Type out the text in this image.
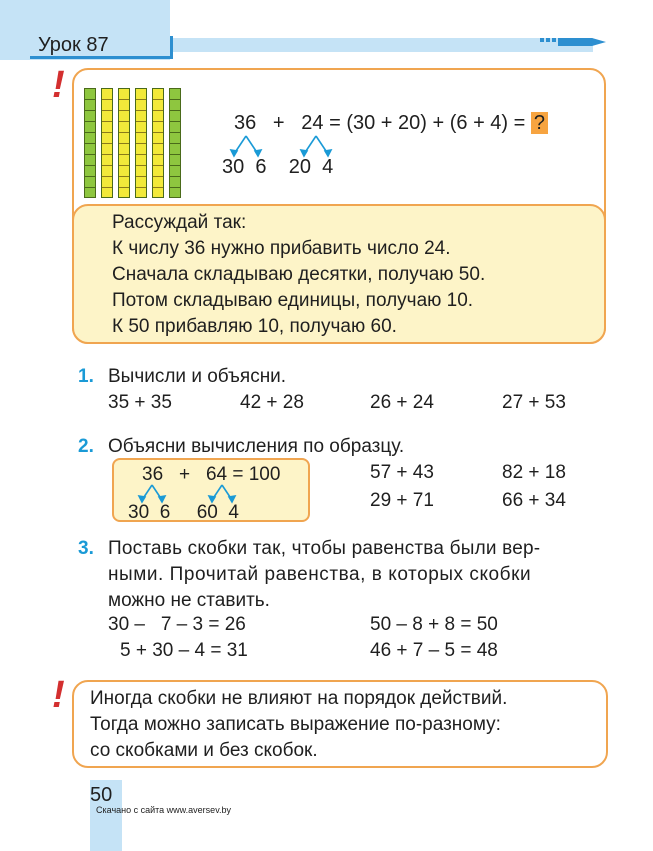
Урок 87
!
!
36 + 24 = (30 + 20) + (6 + 4) = ?
30 6 20 4
Рассуждай так:
К числу 36 нужно прибавить число 24.
Сначала складываю десятки, получаю 50.
Потом складываю единицы, получаю 10.
К 50 прибавляю 10, получаю 60.
1. Вычисли и объясни.
35 + 35	42 + 28	26 + 24	27 + 53
2. Объясни вычисления по образцу.
36 + 64 = 100
30 6 60 4
57 + 43	82 + 18
29 + 71	66 + 34
3. Поставь скобки так, чтобы равенства были вер-
ными. Прочитай равенства, в которых скобки
можно не ставить.
30 –   7 – 3 = 26	50 – 8 + 8 = 50
5 + 30 – 4 = 31	46 + 7 – 5 = 48
Иногда скобки не влияют на порядок действий.
Тогда можно записать выражение по-разному:
со скобками и без скобок.
50
Скачано с сайта www.aversev.by
